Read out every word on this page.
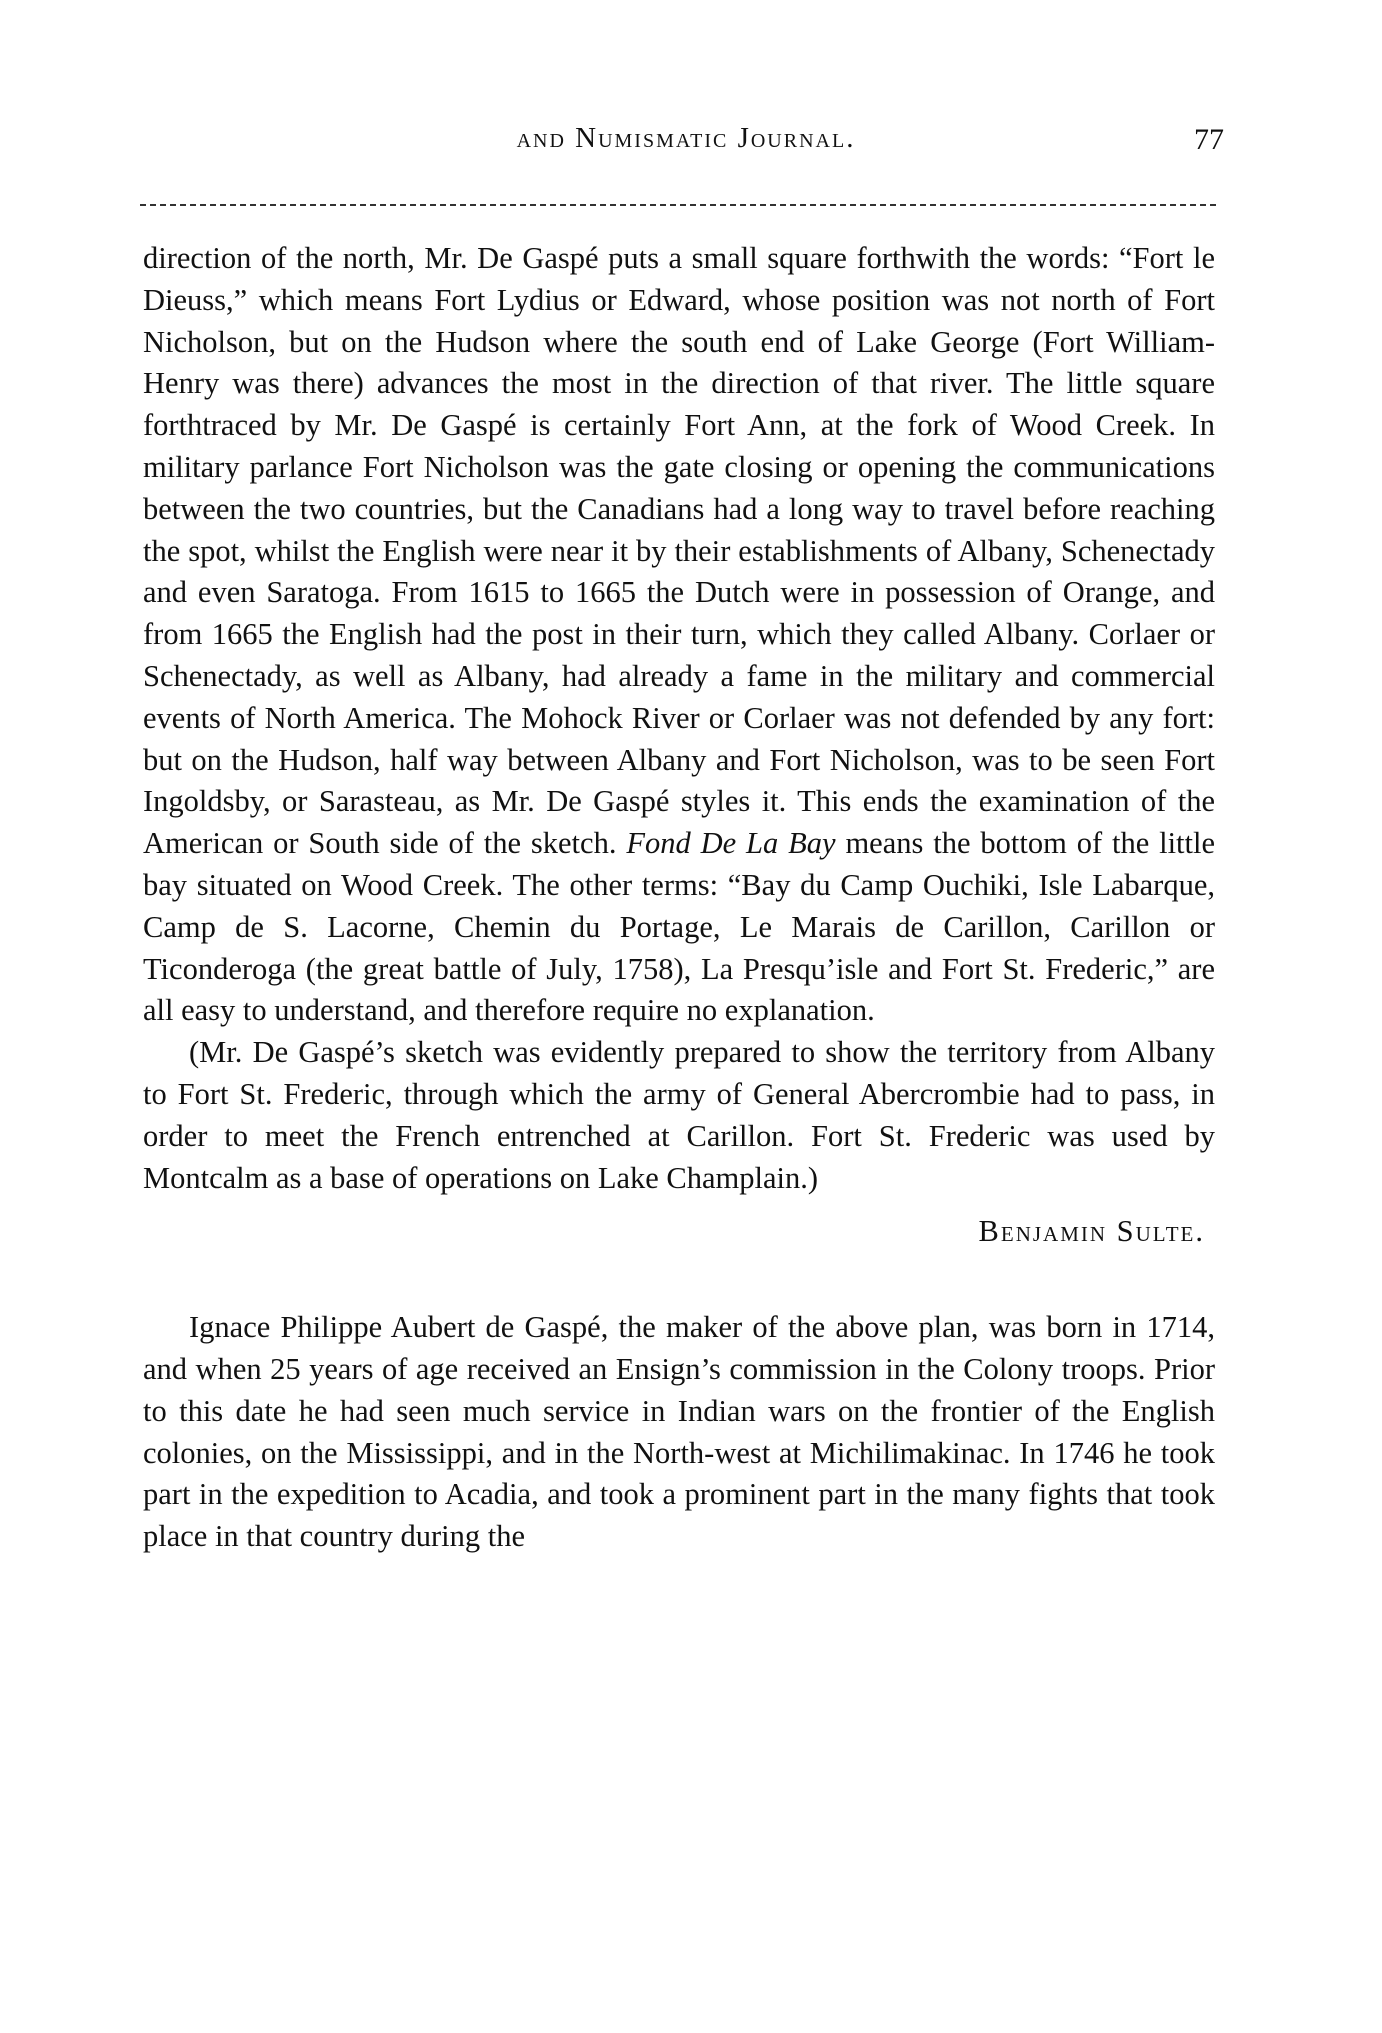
and Numismatic Journal.	77

direction of the north, Mr. De Gaspé puts a small square forthwith the words: “Fort le Dieuss,” which means Fort Lydius or Edward, whose position was not north of Fort Nicholson, but on the Hudson where the south end of Lake George (Fort William-Henry was there) advances the most in the direction of that river. The little square forthtraced by Mr. De Gaspé is certainly Fort Ann, at the fork of Wood Creek. In military parlance Fort Nicholson was the gate closing or opening the communications between the two countries, but the Canadians had a long way to travel before reaching the spot, whilst the English were near it by their establishments of Albany, Schenectady and even Saratoga. From 1615 to 1665 the Dutch were in possession of Orange, and from 1665 the English had the post in their turn, which they called Albany. Corlaer or Schenectady, as well as Albany, had already a fame in the military and commercial events of North America. The Mohock River or Corlaer was not defended by any fort: but on the Hudson, half way between Albany and Fort Nicholson, was to be seen Fort Ingoldsby, or Sarasteau, as Mr. De Gaspé styles it. This ends the examination of the American or South side of the sketch. Fond De La Bay means the bottom of the little bay situated on Wood Creek. The other terms: “Bay du Camp Ouchiki, Isle Labarque, Camp de S. Lacorne, Chemin du Portage, Le Marais de Carillon, Carillon or Ticonderoga (the great battle of July, 1758), La Presqu’isle and Fort St. Frederic,” are all easy to understand, and therefore require no explanation.

(Mr. De Gaspé’s sketch was evidently prepared to show the territory from Albany to Fort St. Frederic, through which the army of General Abercrombie had to pass, in order to meet the French entrenched at Carillon. Fort St. Frederic was used by Montcalm as a base of operations on Lake Champlain.)

Benjamin Sulte.

Ignace Philippe Aubert de Gaspé, the maker of the above plan, was born in 1714, and when 25 years of age received an Ensign’s commission in the Colony troops. Prior to this date he had seen much service in Indian wars on the frontier of the English colonies, on the Mississippi, and in the North-west at Michilimakinac. In 1746 he took part in the expedition to Acadia, and took a prominent part in the many fights that took place in that country during the
